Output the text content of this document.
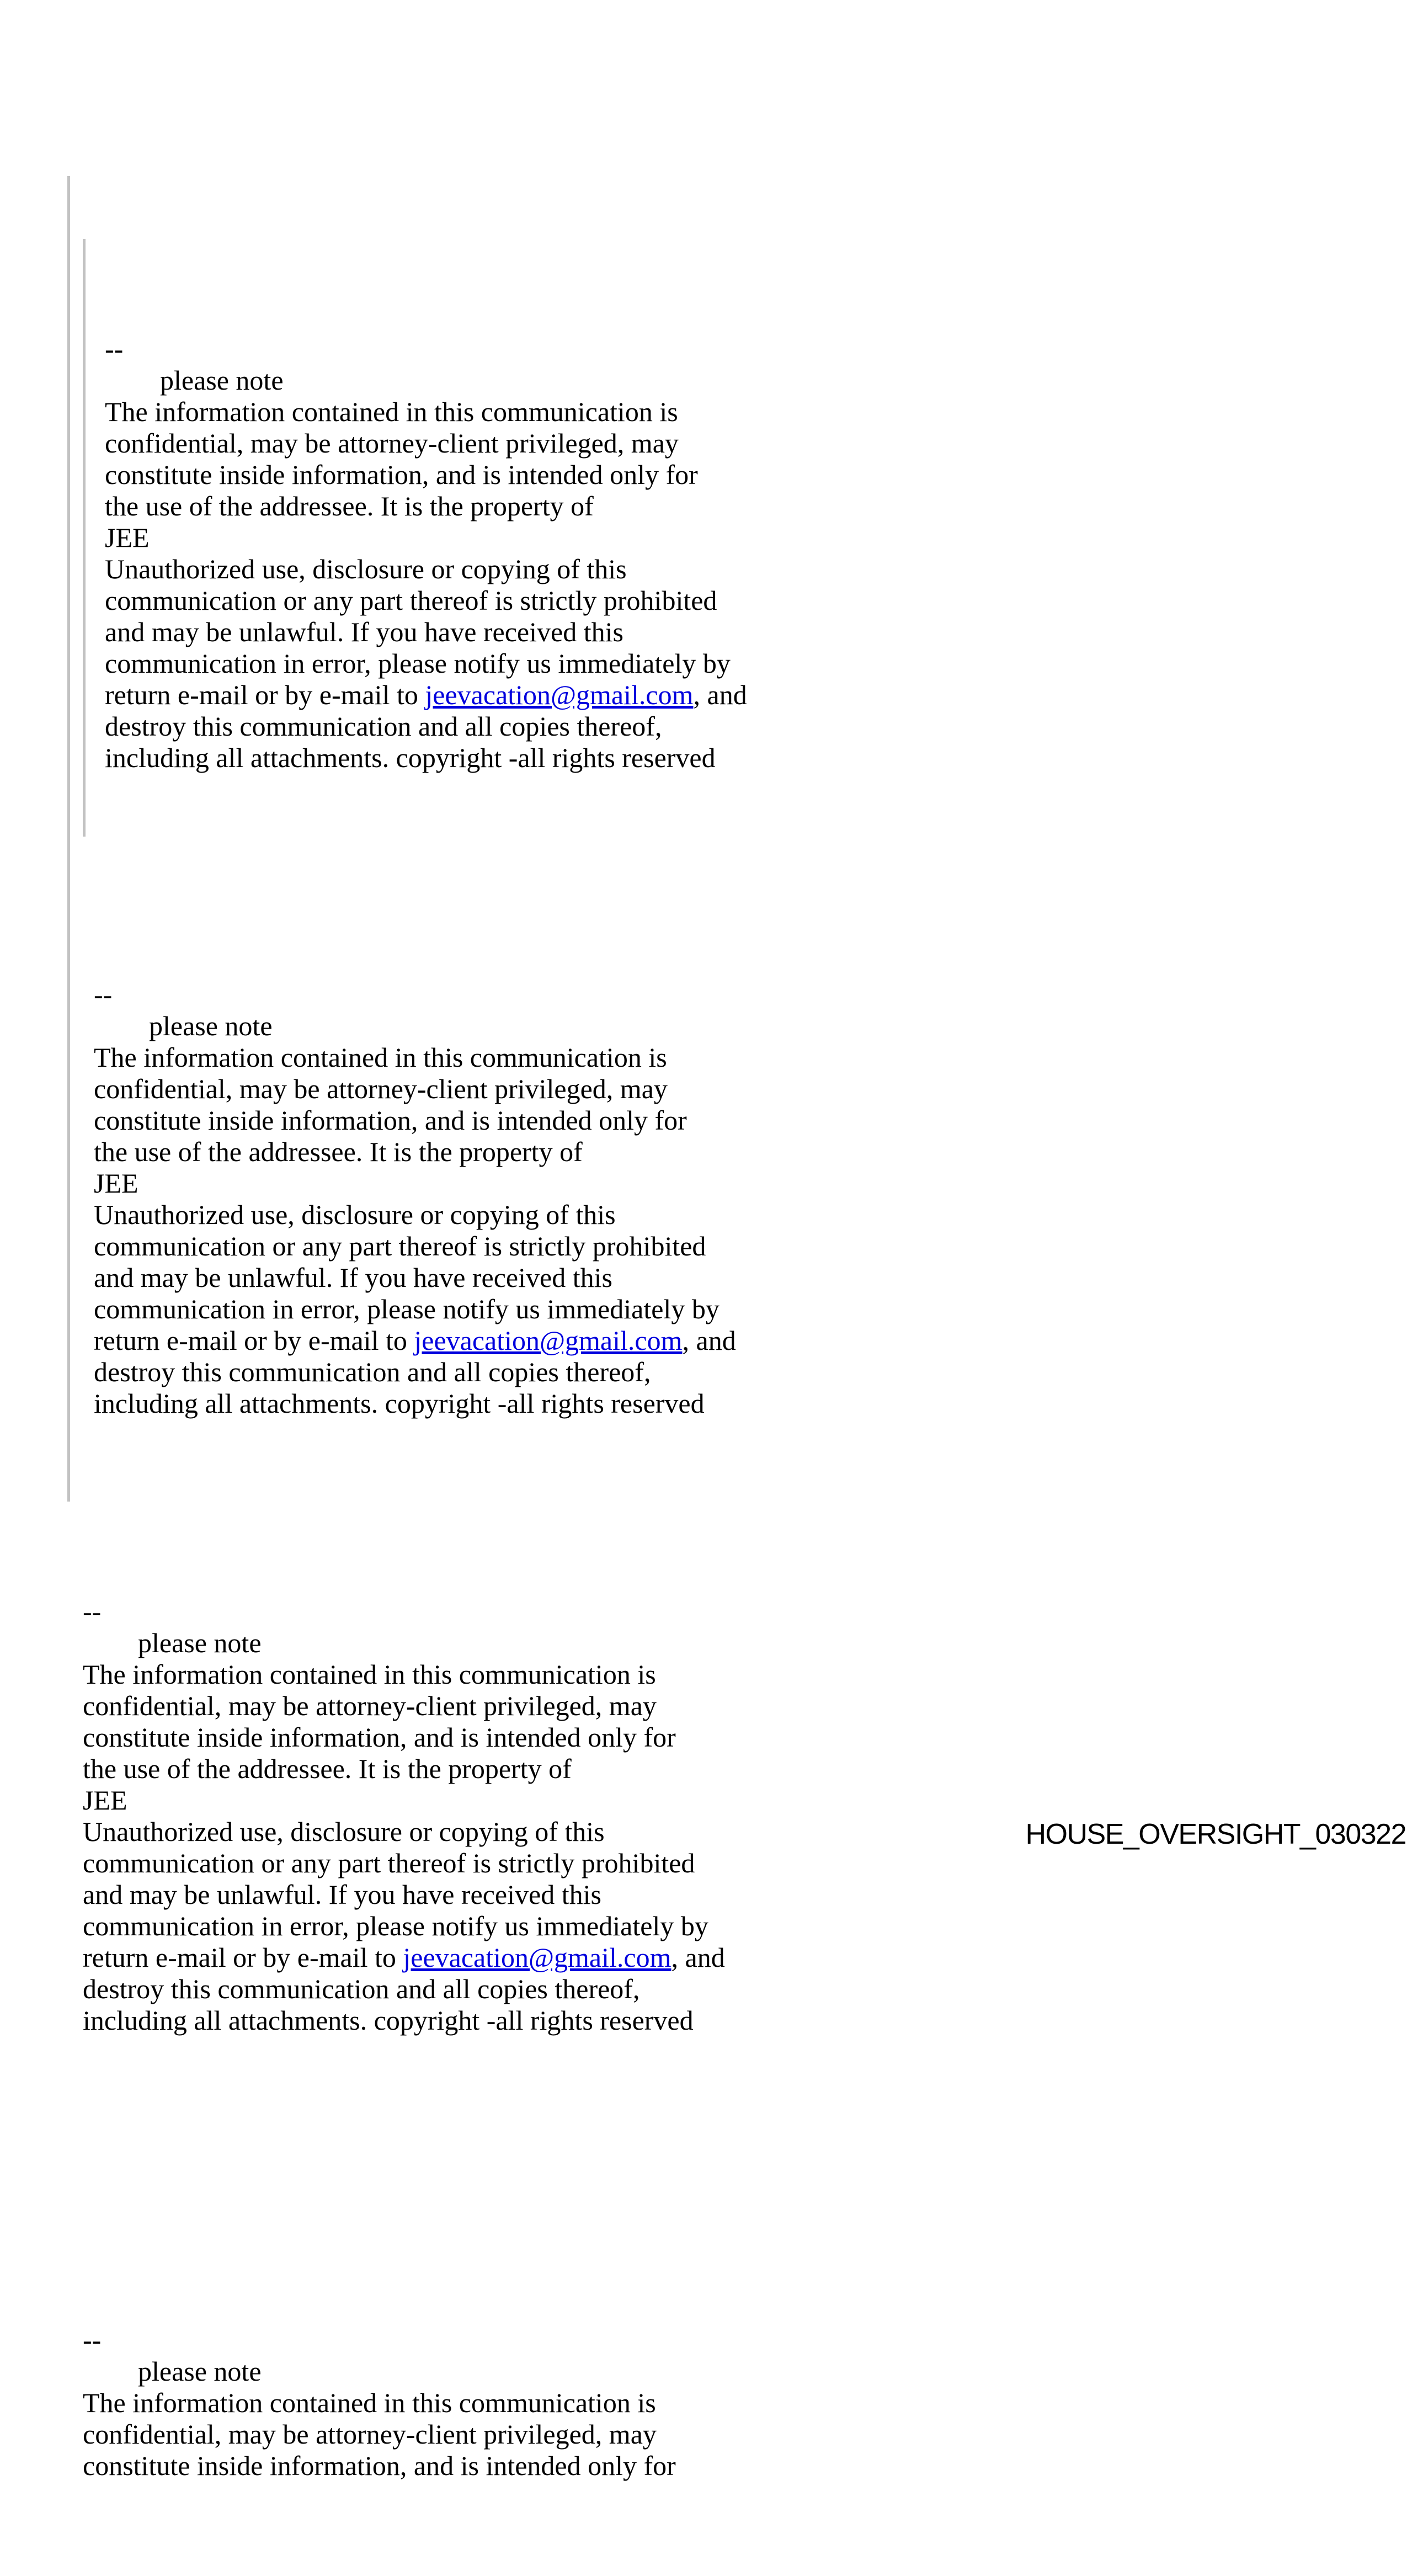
--
please note
The information contained in this communication is
confidential, may be attorney-client privileged, may
constitute inside information, and is intended only for
the use of the addressee. It is the property of
JEE
Unauthorized use, disclosure or copying of this
communication or any part thereof is strictly prohibited
and may be unlawful. If you have received this
communication in error, please notify us immediately by
return e-mail or by e-mail to jeevacation@gmail.com, and
destroy this communication and all copies thereof,
including all attachments. copyright -all rights reserved

--
please note
The information contained in this communication is
confidential, may be attorney-client privileged, may
constitute inside information, and is intended only for
the use of the addressee. It is the property of
JEE
Unauthorized use, disclosure or copying of this
communication or any part thereof is strictly prohibited
and may be unlawful. If you have received this
communication in error, please notify us immediately by
return e-mail or by e-mail to jeevacation@gmail.com, and
destroy this communication and all copies thereof,
including all attachments. copyright -all rights reserved

--
please note
The information contained in this communication is
confidential, may be attorney-client privileged, may
constitute inside information, and is intended only for
the use of the addressee. It is the property of
JEE
Unauthorized use, disclosure or copying of this
communication or any part thereof is strictly prohibited
and may be unlawful. If you have received this
communication in error, please notify us immediately by
return e-mail or by e-mail to jeevacation@gmail.com, and
destroy this communication and all copies thereof,
including all attachments. copyright -all rights reserved

--
please note
The information contained in this communication is
confidential, may be attorney-client privileged, may
constitute inside information, and is intended only for

HOUSE_OVERSIGHT_030322
